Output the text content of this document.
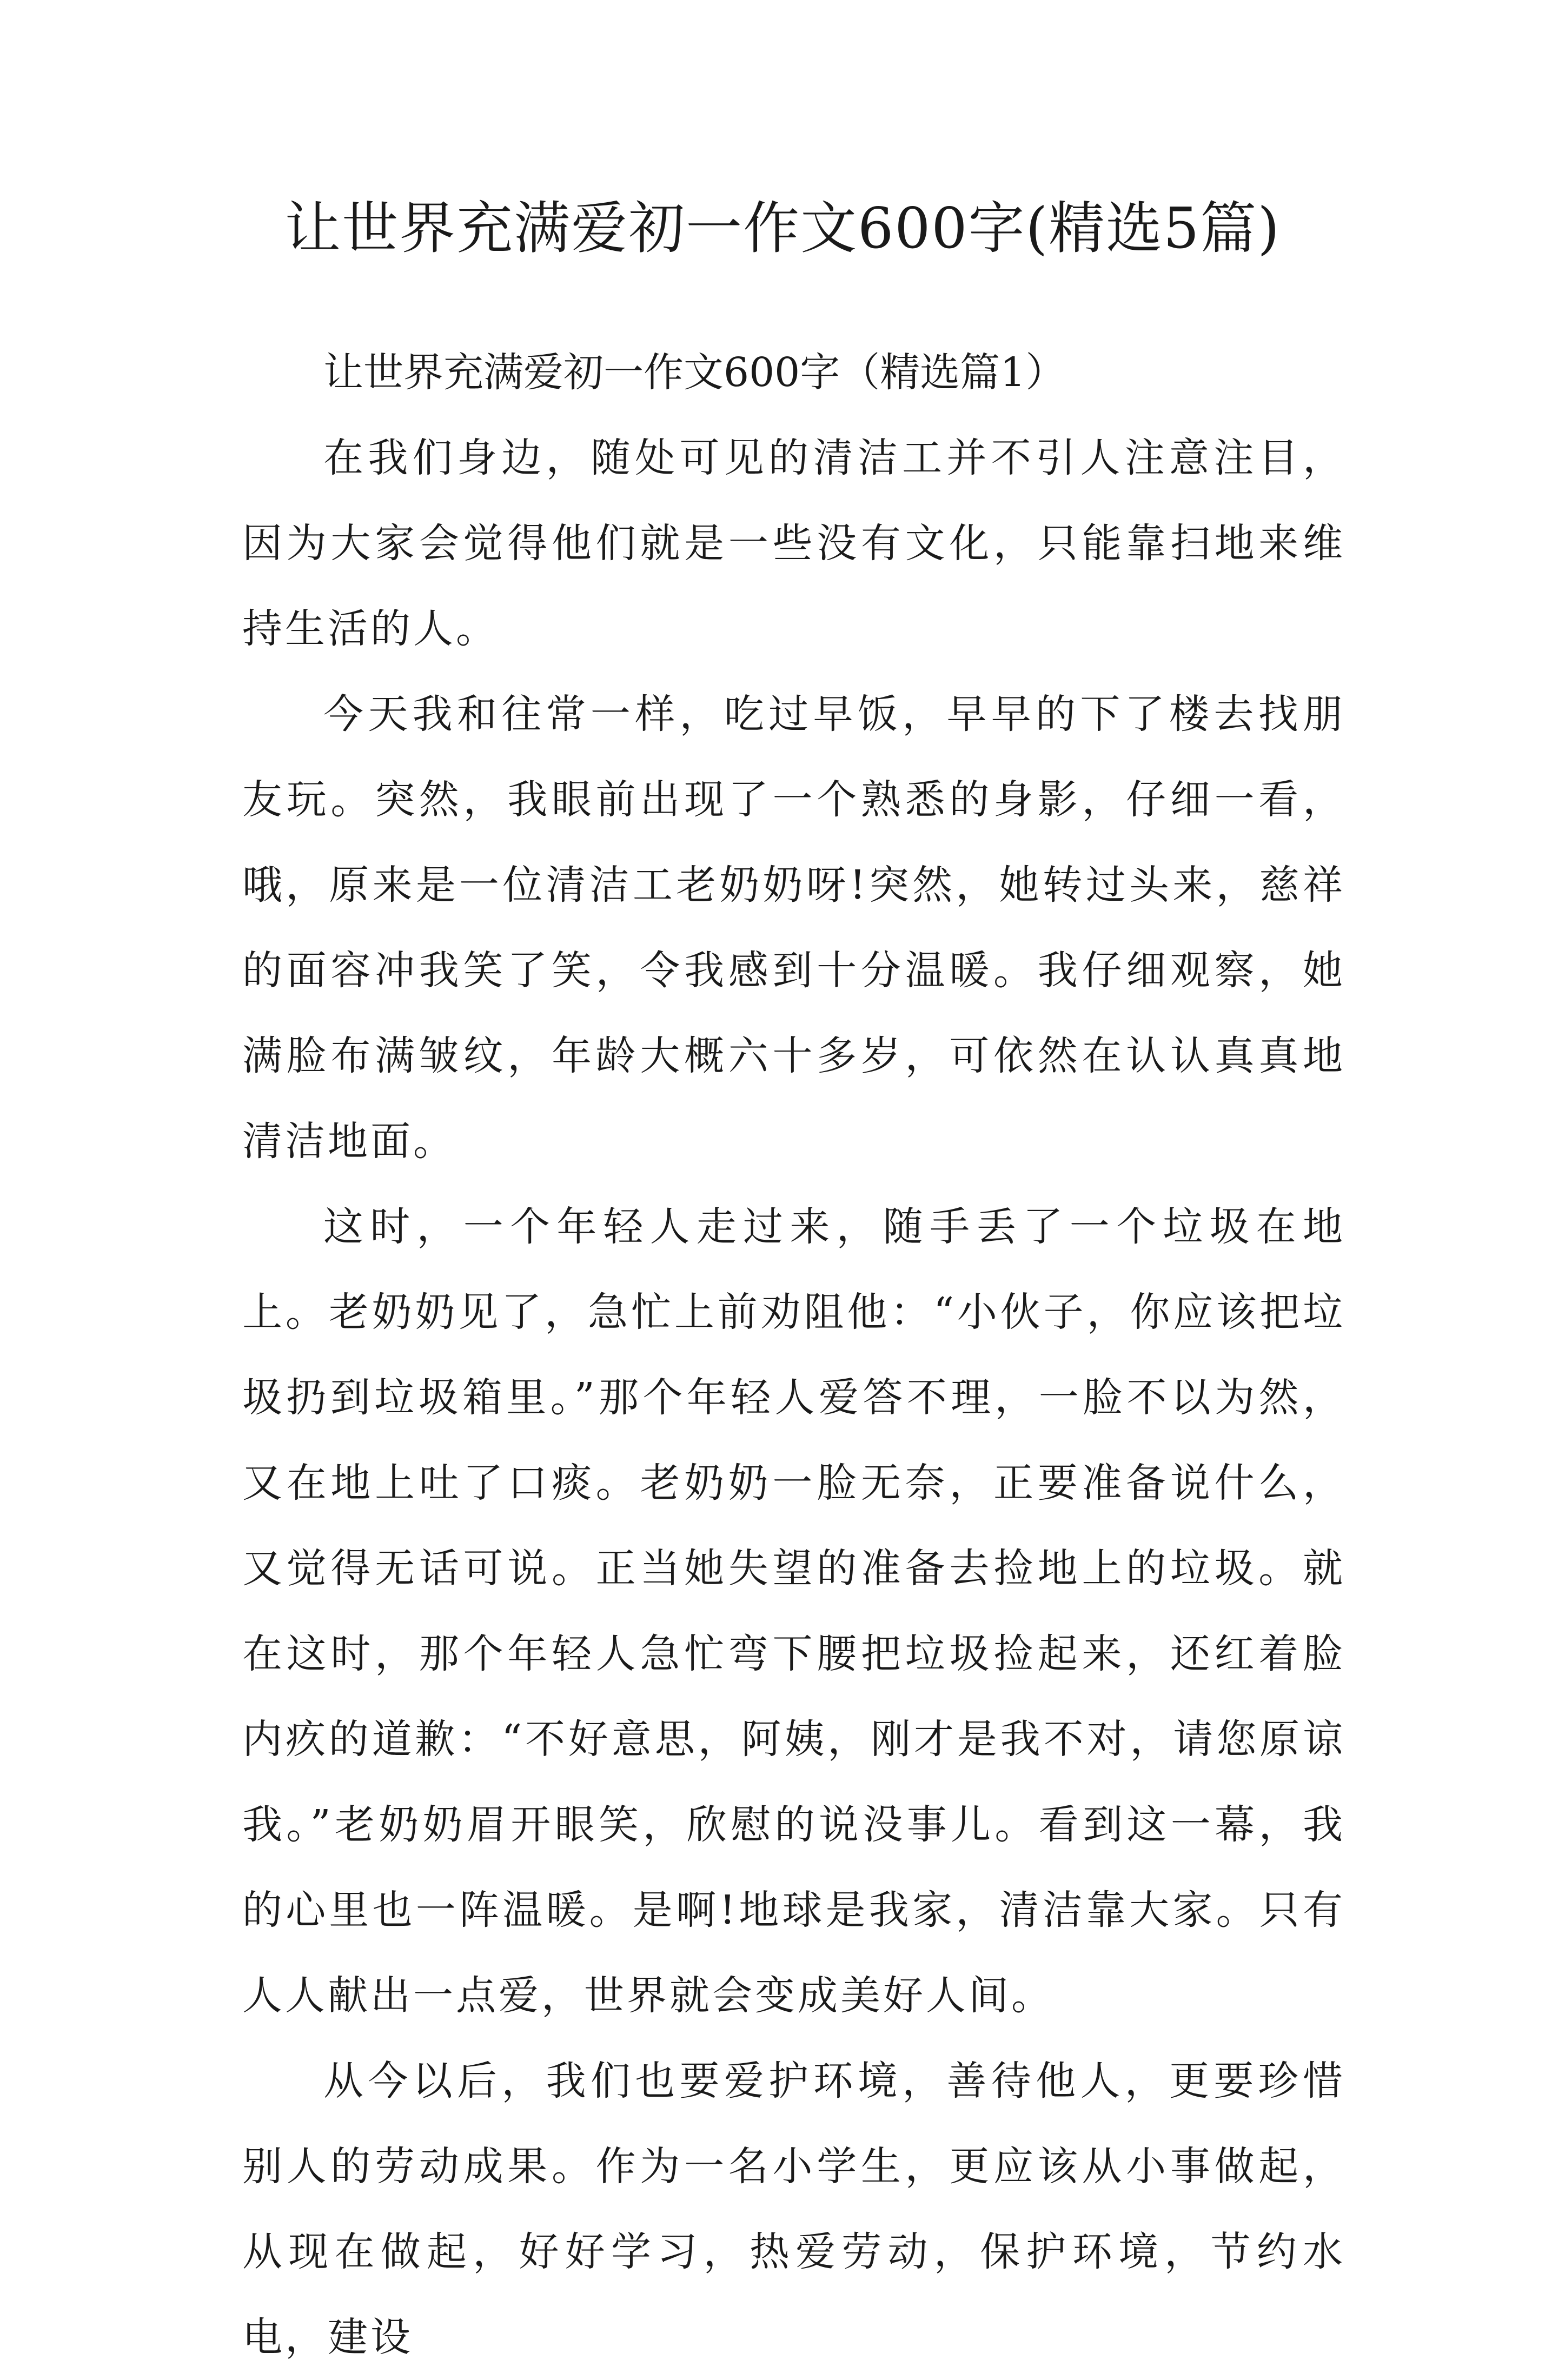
让世界充满爱初一作文600字(精选5篇)

让世界充满爱初一作文600字（精选篇1）

在我们身边，随处可见的清洁工并不引人注意注目，因为大家会觉得他们就是一些没有文化，只能靠扫地来维持生活的人。

今天我和往常一样，吃过早饭，早早的下了楼去找朋友玩。突然，我眼前出现了一个熟悉的身影，仔细一看，哦，原来是一位清洁工老奶奶呀!突然，她转过头来，慈祥的面容冲我笑了笑，令我感到十分温暖。我仔细观察，她满脸布满皱纹，年龄大概六十多岁，可依然在认认真真地清洁地面。

这时，一个年轻人走过来，随手丢了一个垃圾在地上。老奶奶见了，急忙上前劝阻他：“小伙子，你应该把垃圾扔到垃圾箱里。”那个年轻人爱答不理，一脸不以为然，又在地上吐了口痰。老奶奶一脸无奈，正要准备说什么，又觉得无话可说。正当她失望的准备去捡地上的垃圾。就在这时，那个年轻人急忙弯下腰把垃圾捡起来，还红着脸内疚的道歉：“不好意思，阿姨，刚才是我不对，请您原谅我。”老奶奶眉开眼笑，欣慰的说没事儿。看到这一幕，我的心里也一阵温暖。是啊!地球是我家，清洁靠大家。只有人人献出一点爱，世界就会变成美好人间。

从今以后，我们也要爱护环境，善待他人，更要珍惜别人的劳动成果。作为一名小学生，更应该从小事做起，从现在做起，好好学习，热爱劳动，保护环境，节约水电，建设
